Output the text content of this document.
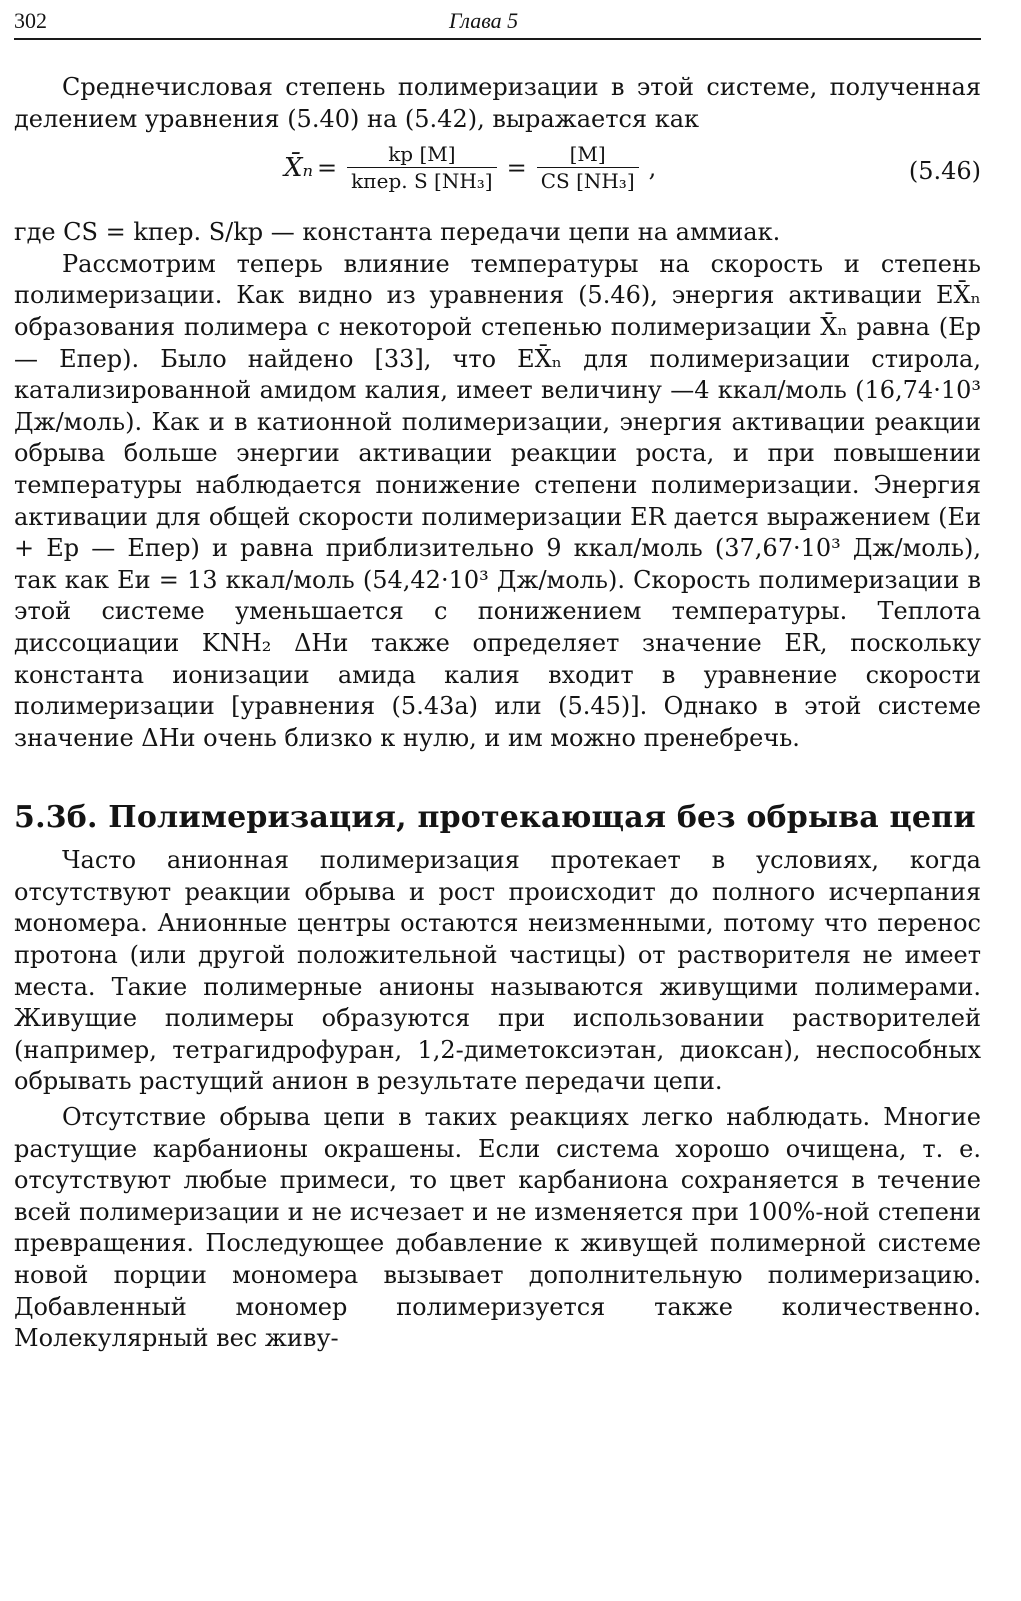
302	Глава 5

Среднечисловая степень полимеризации в этой системе, полученная делением уравнения (5.40) на (5.42), выражается как

X̄ₙ = $\frac{kр [M]}{\text{kпер. S [NH₃]}} = \frac{[M]}{\text{CS [NH₃]}}$ ,	(5.46)

где CS = kпер. S/kр — константа передачи цепи на аммиак.

Рассмотрим теперь влияние температуры на скорость и степень полимеризации. Как видно из уравнения (5.46), энергия активации EX̄ₙ образования полимера с некоторой степенью полимеризации X̄ₙ равна (Eр — Eпер). Было найдено [33], что EX̄ₙ для полимеризации стирола, катализированной амидом калия, имеет величину —4 ккал/моль (16,74·10³ Дж/моль). Как и в катионной полимеризации, энергия активации реакции обрыва больше энергии активации реакции роста, и при повышении температуры наблюдается понижение степени полимеризации. Энергия активации для общей скорости полимеризации ER дается выражением (Eи + Eр — Eпер) и равна приблизительно 9 ккал/моль (37,67·10³ Дж/моль), так как Eи = 13 ккал/моль (54,42·10³ Дж/моль). Скорость полимеризации в этой системе уменьшается с понижением температуры. Теплота диссоциации KNH₂ ΔHи также определяет значение ER, поскольку константа ионизации амида калия входит в уравнение скорости полимеризации [уравнения (5.43а) или (5.45)]. Однако в этой системе значение ΔHи очень близко к нулю, и им можно пренебречь.

5.3б. Полимеризация, протекающая без обрыва цепи

Часто анионная полимеризация протекает в условиях, когда отсутствуют реакции обрыва и рост происходит до полного исчерпания мономера. Анионные центры остаются неизменными, потому что перенос протона (или другой положительной частицы) от растворителя не имеет места. Такие полимерные анионы называются живущими полимерами. Живущие полимеры образуются при использовании растворителей (например, тетрагидрофуран, 1,2-диметоксиэтан, диоксан), неспособных обрывать растущий анион в результате передачи цепи.

Отсутствие обрыва цепи в таких реакциях легко наблюдать. Многие растущие карбанионы окрашены. Если система хорошо очищена, т. е. отсутствуют любые примеси, то цвет карбаниона сохраняется в течение всей полимеризации и не исчезает и не изменяется при 100%-ной степени превращения. Последующее добавление к живущей полимерной системе новой порции мономера вызывает дополнительную полимеризацию. Добавленный мономер полимеризуется также количественно. Молекулярный вес живу-
